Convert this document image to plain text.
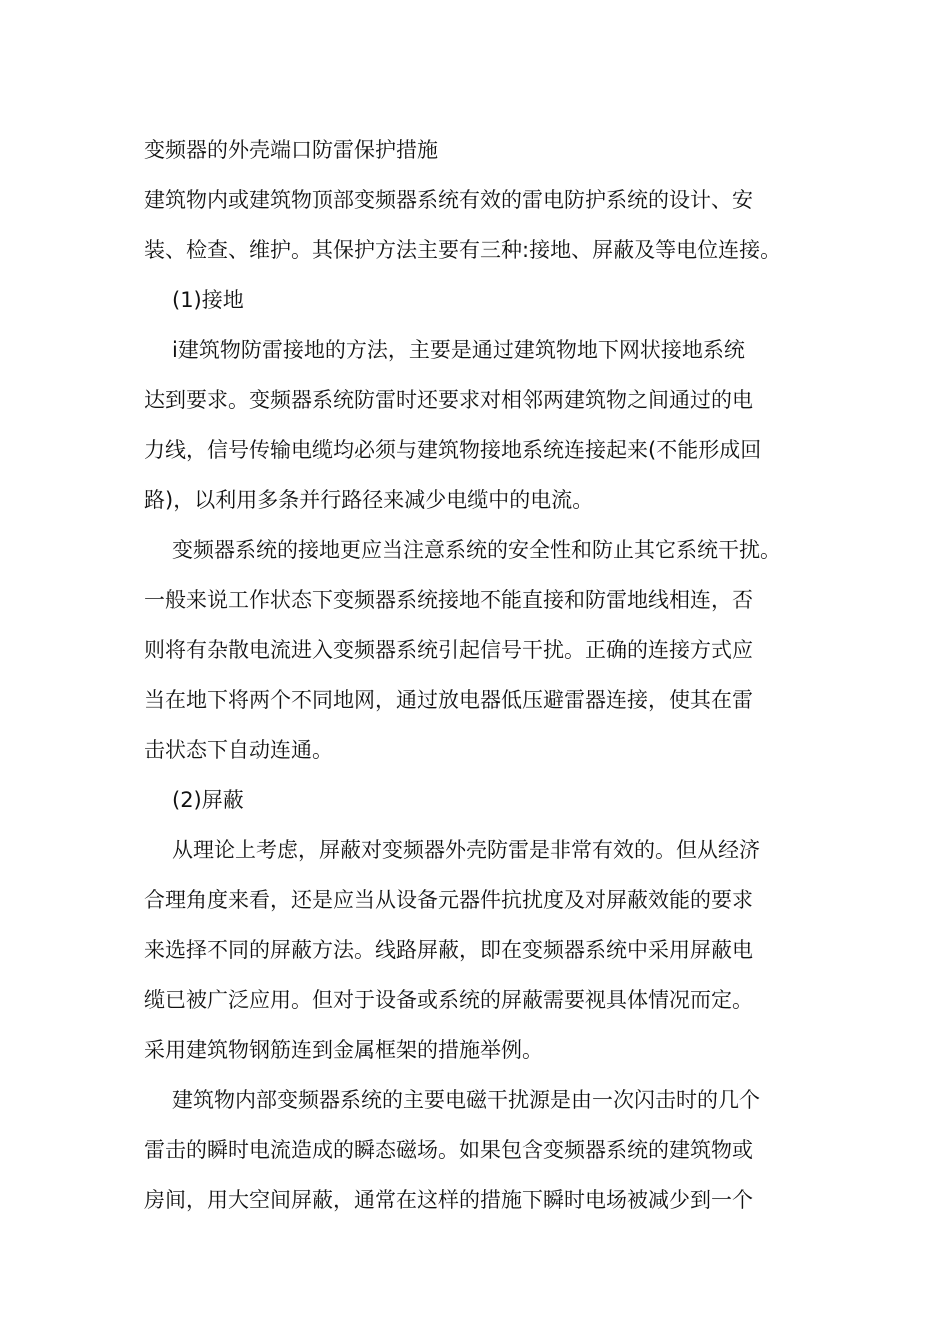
变频器的外壳端口防雷保护措施
建筑物内或建筑物顶部变频器系统有效的雷电防护系统的设计、安
装、检查、维护。其保护方法主要有三种:接地、屏蔽及等电位连接。
(1)接地
ⅰ建筑物防雷接地的方法，主要是通过建筑物地下网状接地系统
达到要求。变频器系统防雷时还要求对相邻两建筑物之间通过的电
力线，信号传输电缆均必须与建筑物接地系统连接起来(不能形成回
路)，以利用多条并行路径来减少电缆中的电流。
变频器系统的接地更应当注意系统的安全性和防止其它系统干扰。
一般来说工作状态下变频器系统接地不能直接和防雷地线相连，否
则将有杂散电流进入变频器系统引起信号干扰。正确的连接方式应
当在地下将两个不同地网，通过放电器低压避雷器连接，使其在雷
击状态下自动连通。
(2)屏蔽
从理论上考虑，屏蔽对变频器外壳防雷是非常有效的。但从经济
合理角度来看，还是应当从设备元器件抗扰度及对屏蔽效能的要求
来选择不同的屏蔽方法。线路屏蔽，即在变频器系统中采用屏蔽电
缆已被广泛应用。但对于设备或系统的屏蔽需要视具体情况而定。
采用建筑物钢筋连到金属框架的措施举例。
建筑物内部变频器系统的主要电磁干扰源是由一次闪击时的几个
雷击的瞬时电流造成的瞬态磁场。如果包含变频器系统的建筑物或
房间，用大空间屏蔽，通常在这样的措施下瞬时电场被减少到一个
